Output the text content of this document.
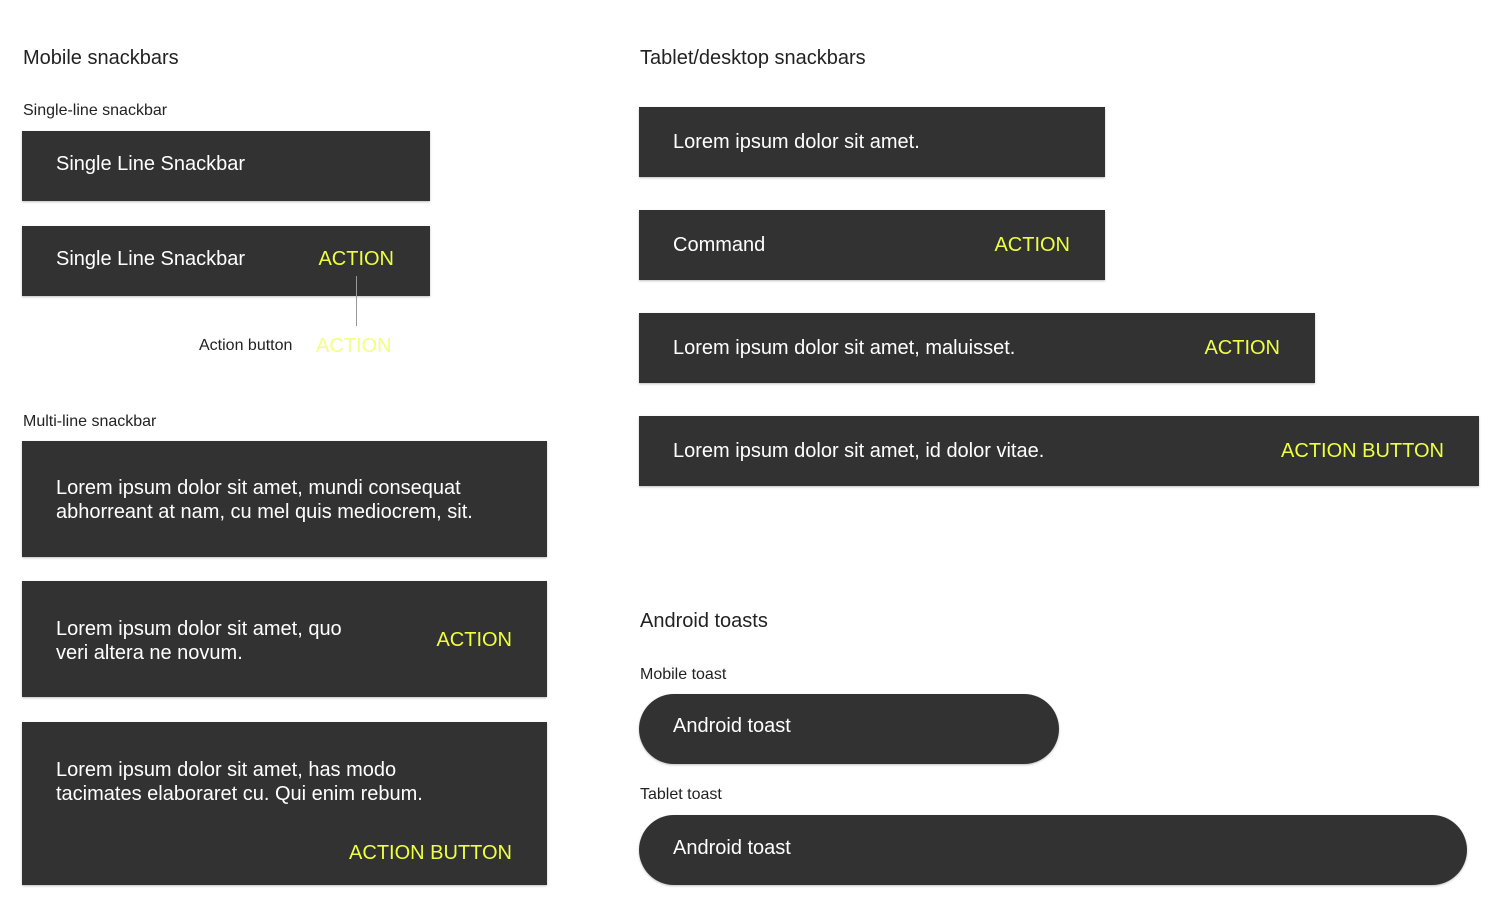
Mobile snackbars
Single-line snackbar
Single Line Snackbar
Single Line Snackbar	ACTION
Action button ACTION
Multi-line snackbar
Lorem ipsum dolor sit amet, mundi consequat
abhorreant at nam, cu mel quis mediocrem, sit.
Lorem ipsum dolor sit amet, quo
veri altera ne novum.
ACTION
Lorem ipsum dolor sit amet, has modo
tacimates elaboraret cu. Qui enim rebum.
ACTION BUTTON
Tablet/desktop snackbars
Lorem ipsum dolor sit amet.
Command	ACTION
Lorem ipsum dolor sit amet, maluisset.	ACTION
Lorem ipsum dolor sit amet, id dolor vitae.	ACTION BUTTON
Android toasts
Mobile toast
Android toast
Tablet toast
Android toast
